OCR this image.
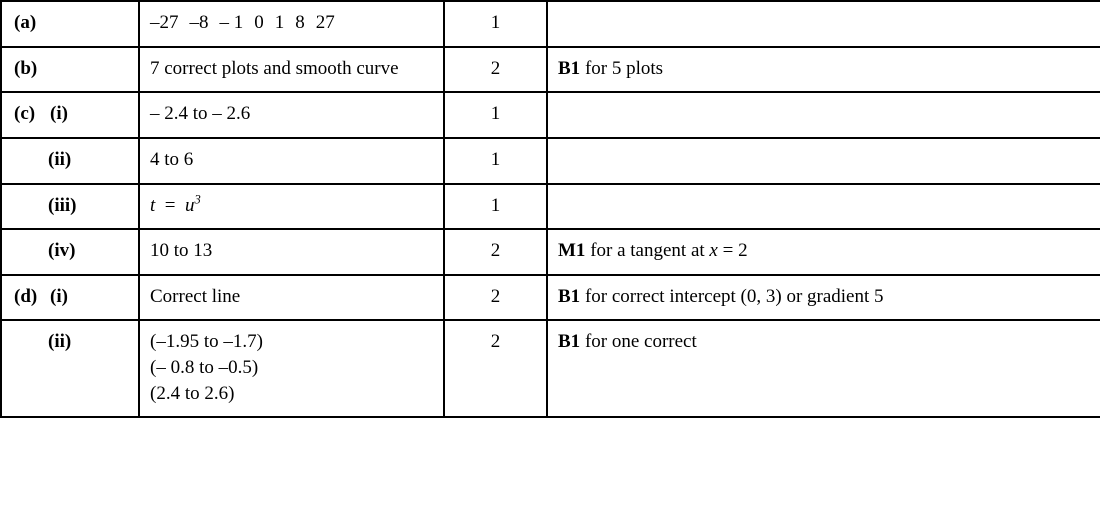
(a)	–27 –8 – 1 0 1 8 27	1	
(b)	7 correct plots and smooth curve	2	B1 for 5 plots
(c) (i)	– 2.4 to – 2.6	1	
(ii)	4 to 6	1	
(iii)	$t = u^3$	1	
(iv)	10 to 13	2	M1 for a tangent at x = 2
(d) (i)	Correct line	2	B1 for correct intercept (0, 3) or gradient 5
(ii)	(–1.95 to –1.7)
(– 0.8 to –0.5)
(2.4 to 2.6)	2	B1 for one correct
